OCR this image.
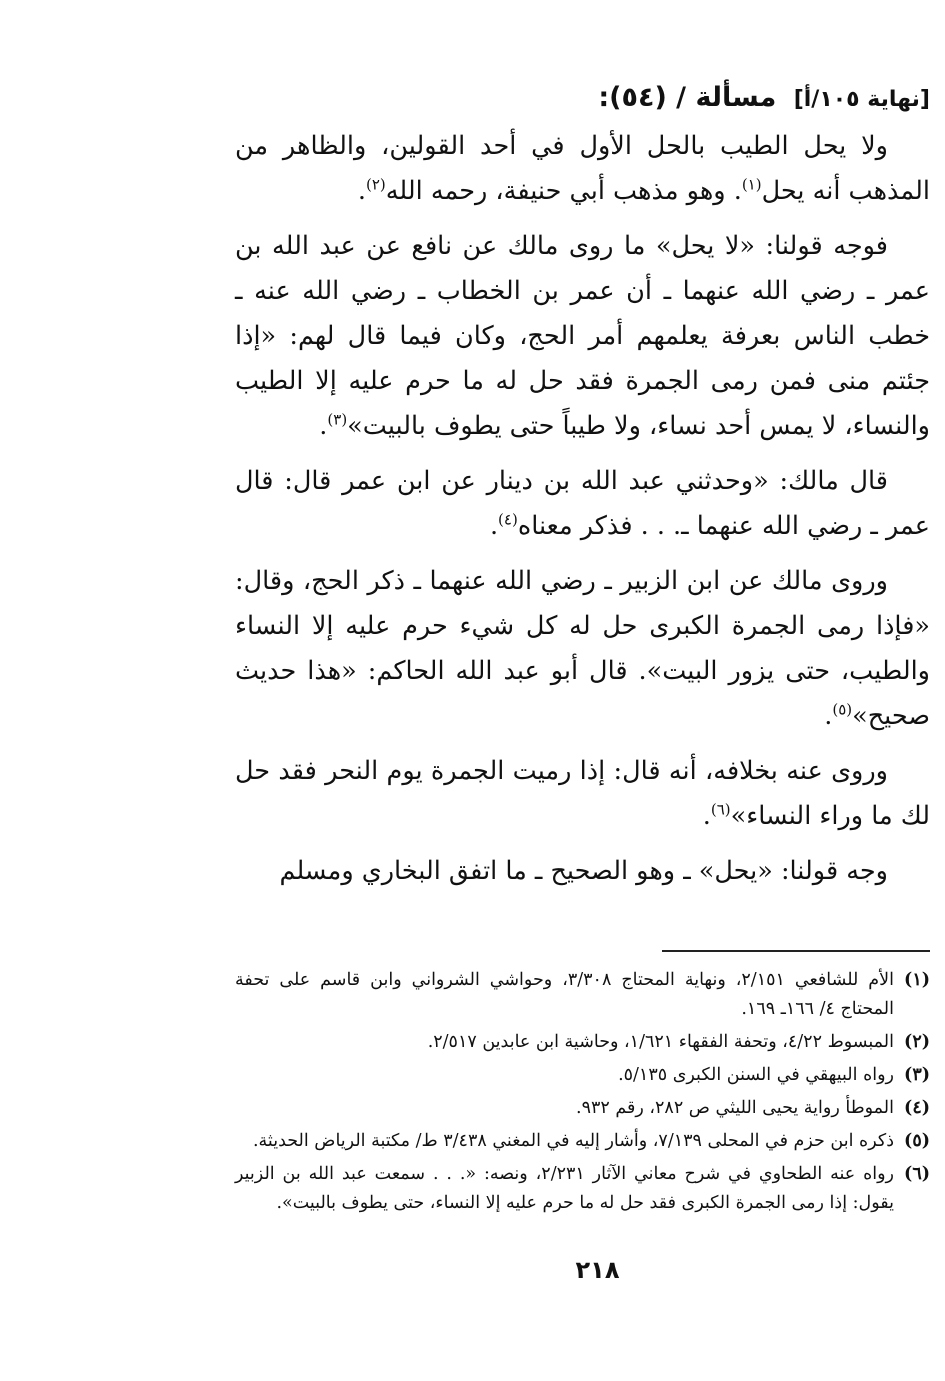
[نهاية ١٠٥/أ] مسألة / (٥٤):

ولا يحل الطيب بالحل الأول في أحد القولين، والظاهر من المذهب أنه يحل$^{(١)}$. وهو مذهب أبي حنيفة، رحمه الله$^{(٢)}$.

فوجه قولنا: «لا يحل» ما روى مالك عن نافع عن عبد الله بن عمر ـ رضي الله عنهما ـ أن عمر بن الخطاب ـ رضي الله عنه ـ خطب الناس بعرفة يعلمهم أمر الحج، وكان فيما قال لهم: «إذا جئتم منى فمن رمى الجمرة فقد حل له ما حرم عليه إلا الطيب والنساء، لا يمس أحد نساء، ولا طيباً حتى يطوف بالبيت»$^{(٣)}$.

قال مالك: «وحدثني عبد الله بن دينار عن ابن عمر قال: قال عمر ـ رضي الله عنهما ـ. . . فذكر معناه$^{(٤)}$.

وروى مالك عن ابن الزبير ـ رضي الله عنهما ـ ذكر الحج، وقال: «فإذا رمى الجمرة الكبرى حل له كل شيء حرم عليه إلا النساء والطيب، حتى يزور البيت». قال أبو عبد الله الحاكم: «هذا حديث صحيح»$^{(٥)}$.

وروى عنه بخلافه، أنه قال: إذا رميت الجمرة يوم النحر فقد حل لك ما وراء النساء»$^{(٦)}$.

وجه قولنا: «يحل» ـ وهو الصحيح ـ ما اتفق البخاري ومسلم

(١)
الأم للشافعي ٢/١٥١، ونهاية المحتاج ٣/٣٠٨، وحواشي الشرواني وابن قاسم على تحفة المحتاج ٤/ ١٦٦ـ ١٦٩.
(٢)
المبسوط ٤/٢٢، وتحفة الفقهاء ١/٦٢١، وحاشية ابن عابدين ٢/٥١٧.
(٣)
رواه البيهقي في السنن الكبرى ٥/١٣٥.
(٤)
الموطأ رواية يحيى الليثي ص ٢٨٢، رقم ٩٣٢.
(٥)
ذكره ابن حزم في المحلى ٧/١٣٩، وأشار إليه في المغني ٣/٤٣٨ ط/ مكتبة الرياض الحديثة.
(٦)
رواه عنه الطحاوي في شرح معاني الآثار ٢/٢٣١، ونصه: «. . . سمعت عبد الله بن الزبير يقول: إذا رمى الجمرة الكبرى فقد حل له ما حرم عليه إلا النساء، حتى يطوف بالبيت».
٢١٨
